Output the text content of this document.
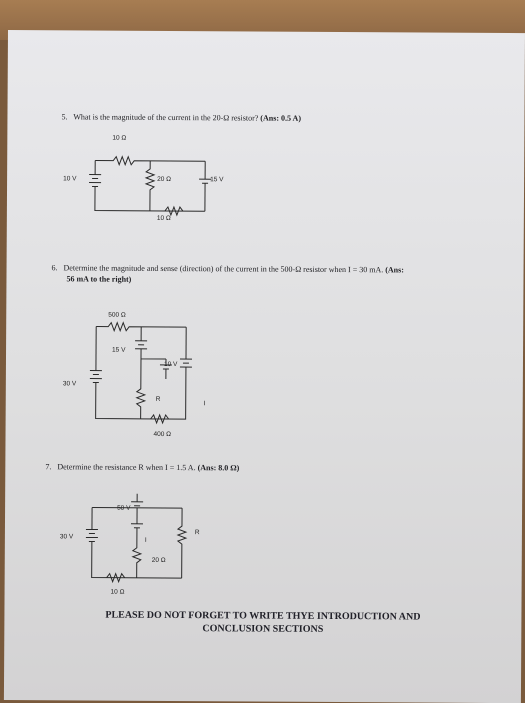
5. What is the magnitude of the current in the 20-Ω resistor? (Ans: 0.5 A)
10 Ω
10 V	20 Ω	15 V
10 Ω
6. Determine the magnitude and sense (direction) of the current in the 500-Ω resistor when I = 30 mA. (Ans:
56 mA to the right)
500 Ω
15 V
10 V
30 V
R
I
400 Ω
7. Determine the resistance R when I = 1.5 A. (Ans: 8.0 Ω)
50 V
30 V
R
I
20 Ω
10 Ω
PLEASE DO NOT FORGET TO WRITE THYE INTRODUCTION AND
CONCLUSION SECTIONS
